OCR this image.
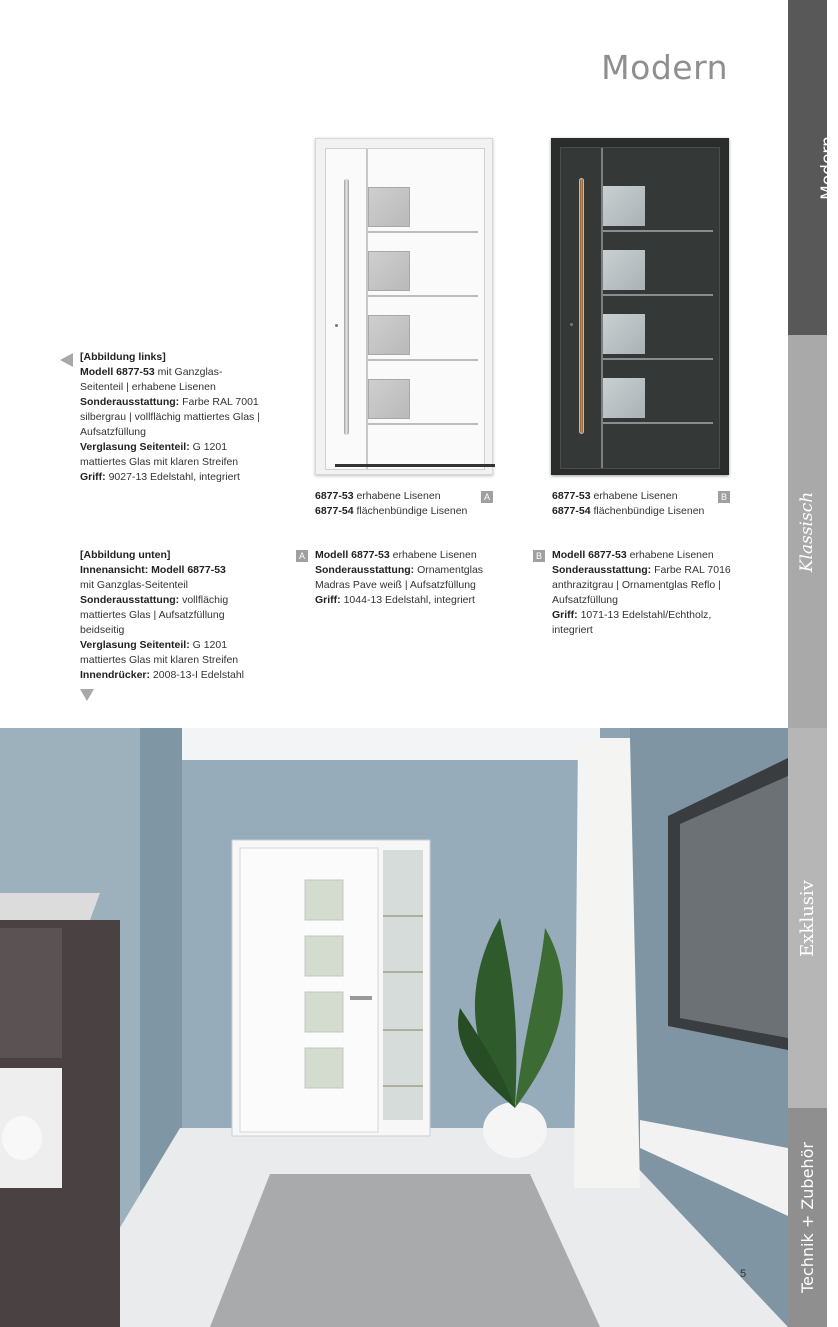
Modern
Modern
Klassisch
Exklusiv
Technik + Zubehör
A
6877-53 erhabene Lisenen
6877-54 flächenbündige Lisenen
B
6877-53 erhabene Lisenen
6877-54 flächenbündige Lisenen
[Abbildung links]
Modell 6877-53 mit Ganzglas-Seitenteil | erhabene Lisenen
Sonderausstattung: Farbe RAL 7001 silbergrau | vollflächig mattiertes Glas | Aufsatzfüllung
Verglasung Seitenteil: G 1201 mattiertes Glas mit klaren Streifen
Griff: 9027-13 Edelstahl, integriert
[Abbildung unten]
Innenansicht: Modell 6877-53
mit Ganzglas-Seitenteil
Sonderausstattung: vollflächig mattiertes Glas | Aufsatzfüllung beidseitig
Verglasung Seitenteil: G 1201 mattiertes Glas mit klaren Streifen
Innendrücker: 2008-13-I Edelstahl
A Modell 6877-53 erhabene Lisenen
Sonderausstattung: Ornamentglas Madras Pave weiß | Aufsatzfüllung
Griff: 1044-13 Edelstahl, integriert
B Modell 6877-53 erhabene Lisenen
Sonderausstattung: Farbe RAL 7016 anthrazitgrau | Ornamentglas Reflo | Aufsatzfüllung
Griff: 1071-13 Edelstahl/Echtholz, integriert
5
